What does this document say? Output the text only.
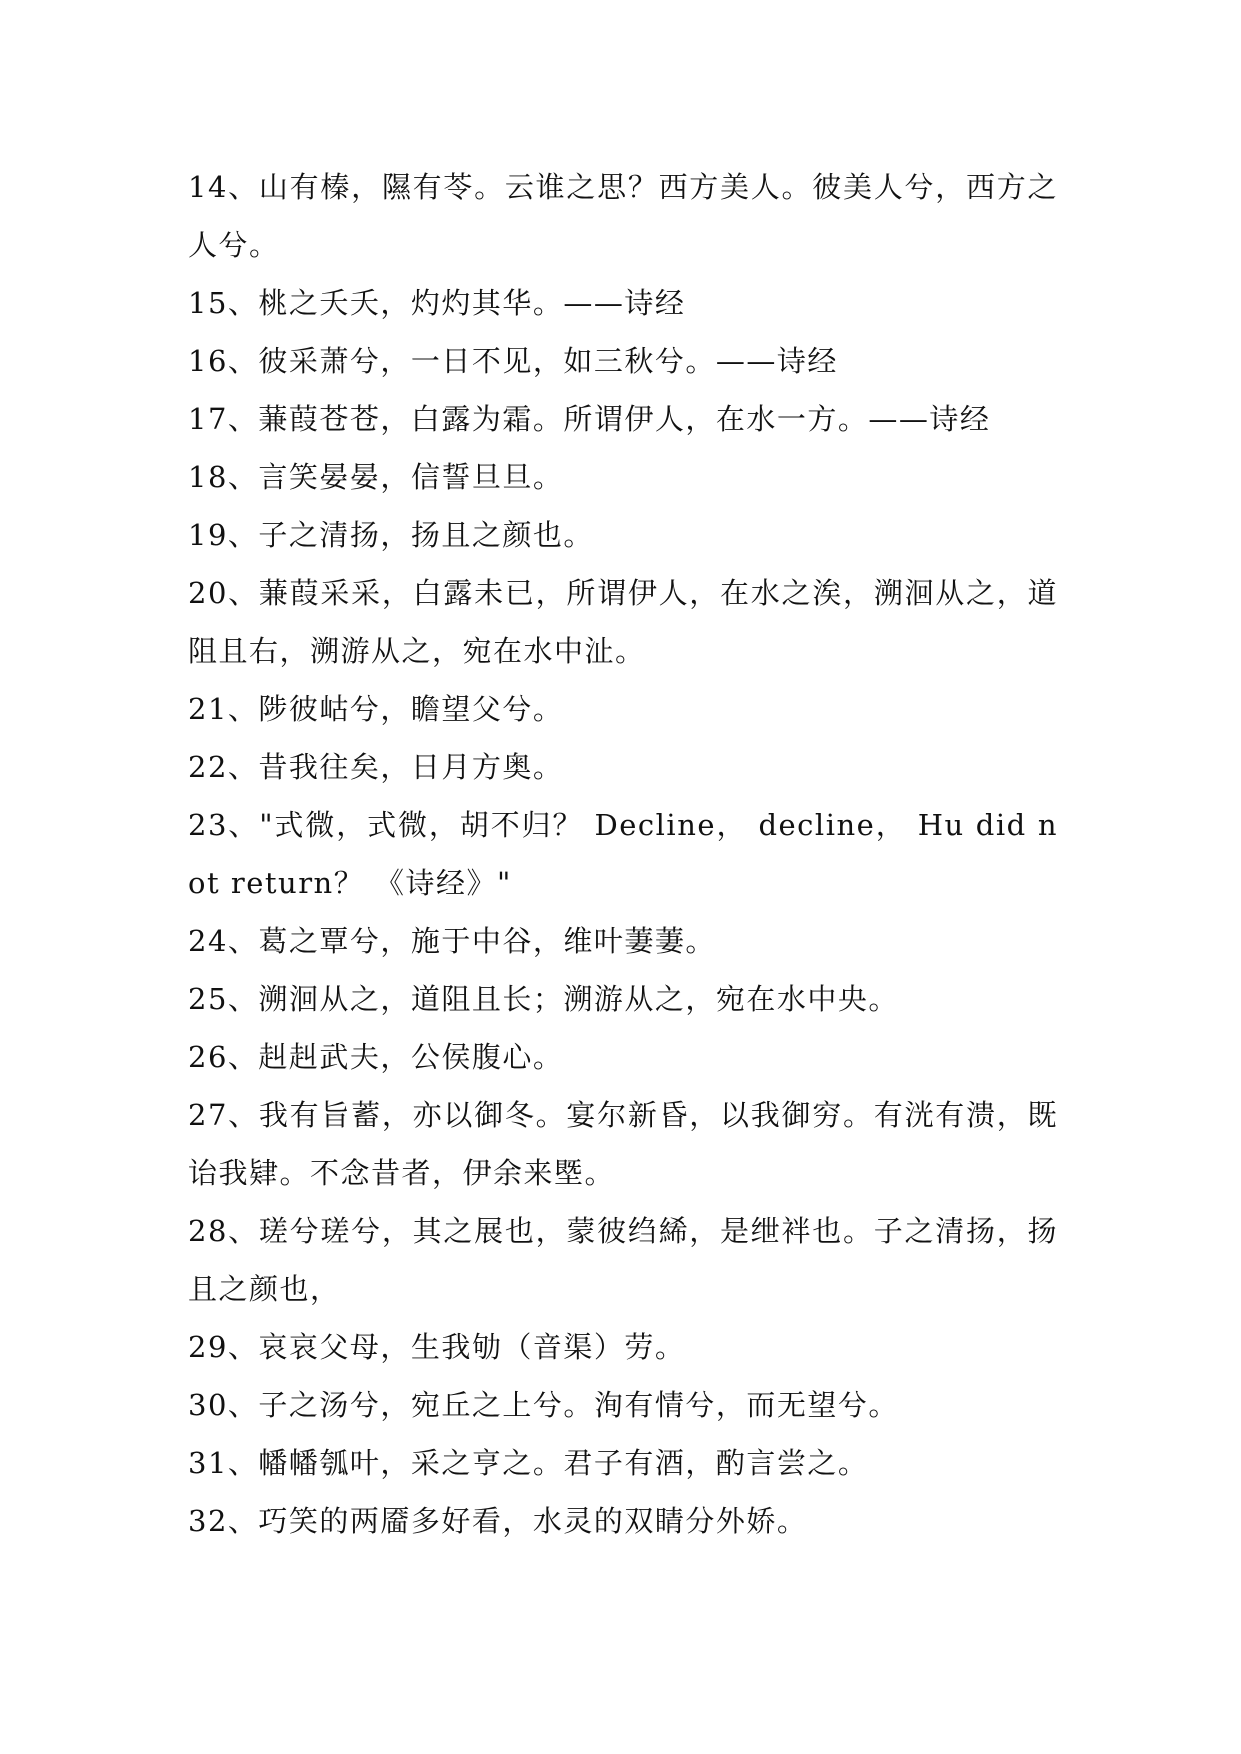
14、山有榛，隰有苓。云谁之思？西方美人。彼美人兮，西方之人兮。

15、桃之夭夭，灼灼其华。——诗经

16、彼采萧兮，一日不见，如三秋兮。——诗经

17、蒹葭苍苍，白露为霜。所谓伊人，在水一方。——诗经

18、言笑晏晏，信誓旦旦。

19、子之清扬，扬且之颜也。

20、蒹葭采采，白露未已，所谓伊人，在水之涘，溯洄从之，道阻且右，溯游从之，宛在水中沚。

21、陟彼岵兮，瞻望父兮。

22、昔我往矣，日月方奥。

23、"式微，式微，胡不归？ Decline， decline， Hu did not return？ 《诗经》"

24、葛之覃兮，施于中谷，维叶萋萋。

25、溯洄从之，道阻且长；溯游从之，宛在水中央。

26、赳赳武夫，公侯腹心。

27、我有旨蓄，亦以御冬。宴尔新昏，以我御穷。有洸有溃，既诒我肄。不念昔者，伊余来塈。

28、瑳兮瑳兮，其之展也，蒙彼绉絺，是绁袢也。子之清扬，扬且之颜也，

29、哀哀父母，生我劬（音渠）劳。

30、子之汤兮，宛丘之上兮。洵有情兮，而无望兮。

31、幡幡瓠叶，采之亨之。君子有酒，酌言尝之。

32、巧笑的两靥多好看，水灵的双睛分外娇。
